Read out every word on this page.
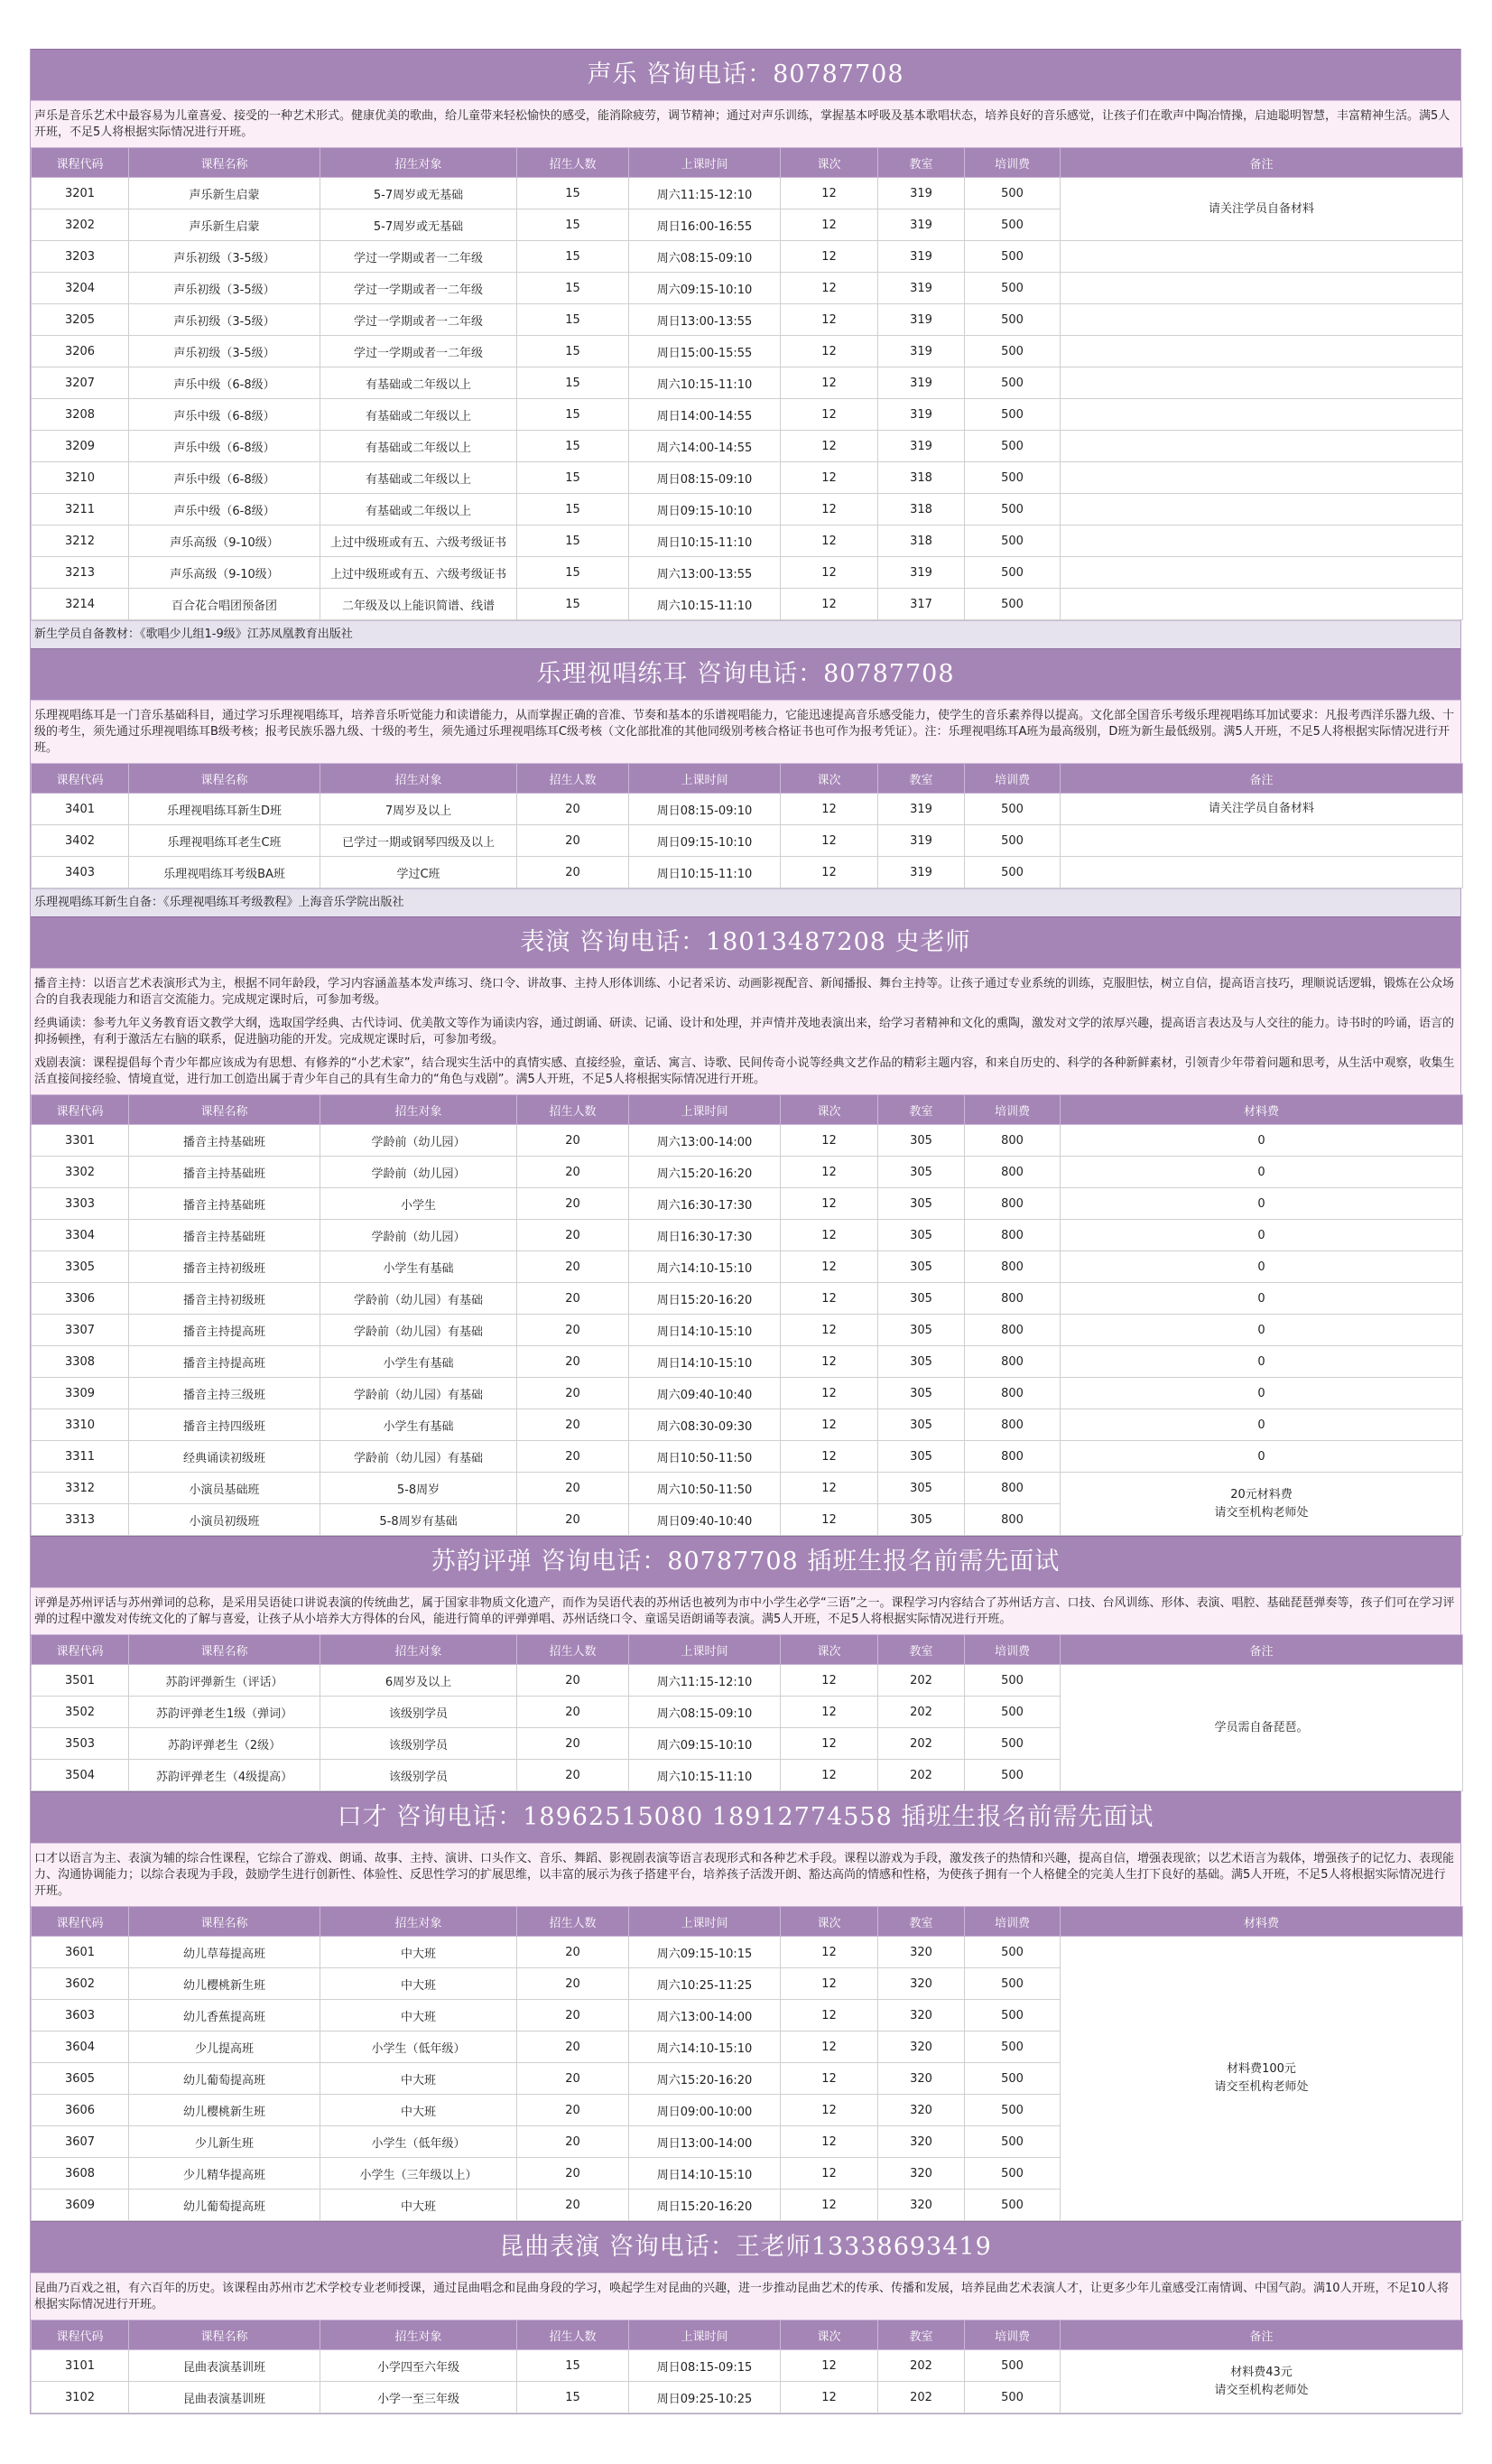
声乐 咨询电话：80787708

声乐是音乐艺术中最容易为儿童喜爱、接受的一种艺术形式。健康优美的歌曲，给儿童带来轻松愉快的感受，能消除疲劳，调节精神；通过对声乐训练，掌握基本呼吸及基本歌唱状态，培养良好的音乐感觉，让孩子们在歌声中陶冶情操，启迪聪明智慧，丰富精神生活。满5人开班，不足5人将根据实际情况进行开班。

课程代码	课程名称	招生对象	招生人数	上课时间	课次	教室	培训费	备注
3201	声乐新生启蒙	5-7周岁或无基础	15	周六11:15-12:10	12	319	500	请关注学员自备材料
3202	声乐新生启蒙	5-7周岁或无基础	15	周日16:00-16:55	12	319	500	
3203	声乐初级（3-5级）	学过一学期或者一二年级	15	周六08:15-09:10	12	319	500	
3204	声乐初级（3-5级）	学过一学期或者一二年级	15	周六09:15-10:10	12	319	500	
3205	声乐初级（3-5级）	学过一学期或者一二年级	15	周日13:00-13:55	12	319	500	
3206	声乐初级（3-5级）	学过一学期或者一二年级	15	周日15:00-15:55	12	319	500	
3207	声乐中级（6-8级）	有基础或二年级以上	15	周六10:15-11:10	12	319	500	
3208	声乐中级（6-8级）	有基础或二年级以上	15	周日14:00-14:55	12	319	500	
3209	声乐中级（6-8级）	有基础或二年级以上	15	周六14:00-14:55	12	319	500	
3210	声乐中级（6-8级）	有基础或二年级以上	15	周日08:15-09:10	12	318	500	
3211	声乐中级（6-8级）	有基础或二年级以上	15	周日09:15-10:10	12	318	500	
3212	声乐高级（9-10级）	上过中级班或有五、六级考级证书	15	周日10:15-11:10	12	318	500	
3213	声乐高级（9-10级）	上过中级班或有五、六级考级证书	15	周六13:00-13:55	12	319	500	
3214	百合花合唱团预备团	二年级及以上能识简谱、线谱	15	周六10:15-11:10	12	317	500	
新生学员自备教材：《歌唱少儿组1-9级》江苏凤凰教育出版社
乐理视唱练耳 咨询电话：80787708

乐理视唱练耳是一门音乐基础科目，通过学习乐理视唱练耳，培养音乐听觉能力和读谱能力，从而掌握正确的音准、节奏和基本的乐谱视唱能力，它能迅速提高音乐感受能力，使学生的音乐素养得以提高。文化部全国音乐考级乐理视唱练耳加试要求：凡报考西洋乐器九级、十级的考生，须先通过乐理视唱练耳B级考核；报考民族乐器九级、十级的考生，须先通过乐理视唱练耳C级考核（文化部批准的其他同级别考核合格证书也可作为报考凭证）。注：乐理视唱练耳A班为最高级别，D班为新生最低级别。满5人开班，不足5人将根据实际情况进行开班。

课程代码	课程名称	招生对象	招生人数	上课时间	课次	教室	培训费	备注
3401	乐理视唱练耳新生D班	7周岁及以上	20	周日08:15-09:10	12	319	500	请关注学员自备材料
3402	乐理视唱练耳老生C班	已学过一期或钢琴四级及以上	20	周日09:15-10:10	12	319	500	
3403	乐理视唱练耳考级BA班	学过C班	20	周日10:15-11:10	12	319	500	
乐理视唱练耳新生自备：《乐理视唱练耳考级教程》上海音乐学院出版社
表演 咨询电话：18013487208 史老师

播音主持：以语言艺术表演形式为主，根据不同年龄段，学习内容涵盖基本发声练习、绕口令、讲故事、主持人形体训练、小记者采访、动画影视配音、新闻播报、舞台主持等。让孩子通过专业系统的训练，克服胆怯，树立自信，提高语言技巧，理顺说话逻辑，锻炼在公众场合的自我表现能力和语言交流能力。完成规定课时后，可参加考级。

经典诵读：参考九年义务教育语文教学大纲，选取国学经典、古代诗词、优美散文等作为诵读内容，通过朗诵、研读、记诵、设计和处理，并声情并茂地表演出来，给学习者精神和文化的熏陶，激发对文学的浓厚兴趣，提高语言表达及与人交往的能力。诗书时的吟诵，语言的抑扬顿挫，有利于激活左右脑的联系，促进脑功能的开发。完成规定课时后，可参加考级。

戏剧表演：课程提倡每个青少年都应该成为有思想、有修养的“小艺术家”，结合现实生活中的真情实感、直接经验，童话、寓言、诗歌、民间传奇小说等经典文艺作品的精彩主题内容，和来自历史的、科学的各种新鲜素材，引领青少年带着问题和思考，从生活中观察，收集生活直接间接经验、情境直觉，进行加工创造出属于青少年自己的具有生命力的“角色与戏剧”。满5人开班，不足5人将根据实际情况进行开班。

课程代码	课程名称	招生对象	招生人数	上课时间	课次	教室	培训费	材料费
3301	播音主持基础班	学龄前（幼儿园）	20	周六13:00-14:00	12	305	800	0
3302	播音主持基础班	学龄前（幼儿园）	20	周六15:20-16:20	12	305	800	0
3303	播音主持基础班	小学生	20	周六16:30-17:30	12	305	800	0
3304	播音主持基础班	学龄前（幼儿园）	20	周日16:30-17:30	12	305	800	0
3305	播音主持初级班	小学生有基础	20	周六14:10-15:10	12	305	800	0
3306	播音主持初级班	学龄前（幼儿园）有基础	20	周日15:20-16:20	12	305	800	0
3307	播音主持提高班	学龄前（幼儿园）有基础	20	周日14:10-15:10	12	305	800	0
3308	播音主持提高班	小学生有基础	20	周日14:10-15:10	12	305	800	0
3309	播音主持三级班	学龄前（幼儿园）有基础	20	周六09:40-10:40	12	305	800	0
3310	播音主持四级班	小学生有基础	20	周六08:30-09:30	12	305	800	0
3311	经典诵读初级班	学龄前（幼儿园）有基础	20	周日10:50-11:50	12	305	800	0
3312	小演员基础班	5-8周岁	20	周六10:50-11:50	12	305	800	20元材料费
请交至机构老师处
3313	小演员初级班	5-8周岁有基础	20	周日09:40-10:40	12	305	800	
苏韵评弹 咨询电话：80787708 插班生报名前需先面试

评弹是苏州评话与苏州弹词的总称，是采用吴语徒口讲说表演的传统曲艺，属于国家非物质文化遗产，而作为吴语代表的苏州话也被列为市中小学生必学“三语”之一。课程学习内容结合了苏州话方言、口技、台风训练、形体、表演、唱腔、基础琵琶弹奏等，孩子们可在学习评弹的过程中激发对传统文化的了解与喜爱，让孩子从小培养大方得体的台风，能进行简单的评弹弹唱、苏州话绕口令、童谣吴语朗诵等表演。满5人开班，不足5人将根据实际情况进行开班。

课程代码	课程名称	招生对象	招生人数	上课时间	课次	教室	培训费	备注
3501	苏韵评弹新生（评话）	6周岁及以上	20	周六11:15-12:10	12	202	500	学员需自备琵琶。
3502	苏韵评弹老生1级（弹词）	该级别学员	20	周六08:15-09:10	12	202	500	
3503	苏韵评弹老生（2级）	该级别学员	20	周六09:15-10:10	12	202	500	
3504	苏韵评弹老生（4级提高）	该级别学员	20	周六10:15-11:10	12	202	500	
口才 咨询电话：18962515080 18912774558 插班生报名前需先面试

口才以语言为主、表演为辅的综合性课程，它综合了游戏、朗诵、故事、主持、演讲、口头作文、音乐、舞蹈、影视剧表演等语言表现形式和各种艺术手段。课程以游戏为手段，激发孩子的热情和兴趣，提高自信，增强表现欲；以艺术语言为载体，增强孩子的记忆力、表现能力、沟通协调能力；以综合表现为手段，鼓励学生进行创新性、体验性、反思性学习的扩展思维，以丰富的展示为孩子搭建平台，培养孩子活泼开朗、豁达高尚的情感和性格，为使孩子拥有一个人格健全的完美人生打下良好的基础。满5人开班，不足5人将根据实际情况进行开班。

课程代码	课程名称	招生对象	招生人数	上课时间	课次	教室	培训费	材料费
3601	幼儿草莓提高班	中大班	20	周六09:15-10:15	12	320	500	材料费100元
请交至机构老师处
3602	幼儿樱桃新生班	中大班	20	周六10:25-11:25	12	320	500	
3603	幼儿香蕉提高班	中大班	20	周六13:00-14:00	12	320	500	
3604	少儿提高班	小学生（低年级）	20	周六14:10-15:10	12	320	500	
3605	幼儿葡萄提高班	中大班	20	周六15:20-16:20	12	320	500	
3606	幼儿樱桃新生班	中大班	20	周日09:00-10:00	12	320	500	
3607	少儿新生班	小学生（低年级）	20	周日13:00-14:00	12	320	500	
3608	少儿精华提高班	小学生（三年级以上）	20	周日14:10-15:10	12	320	500	
3609	幼儿葡萄提高班	中大班	20	周日15:20-16:20	12	320	500	
昆曲表演 咨询电话：王老师13338693419

昆曲乃百戏之祖，有六百年的历史。该课程由苏州市艺术学校专业老师授课，通过昆曲唱念和昆曲身段的学习，唤起学生对昆曲的兴趣，进一步推动昆曲艺术的传承、传播和发展，培养昆曲艺术表演人才，让更多少年儿童感受江南情调、中国气韵。满10人开班，不足10人将根据实际情况进行开班。

课程代码	课程名称	招生对象	招生人数	上课时间	课次	教室	培训费	备注
3101	昆曲表演基训班	小学四至六年级	15	周日08:15-09:15	12	202	500	材料费43元
请交至机构老师处
3102	昆曲表演基训班	小学一至三年级	15	周日09:25-10:25	12	202	500	
